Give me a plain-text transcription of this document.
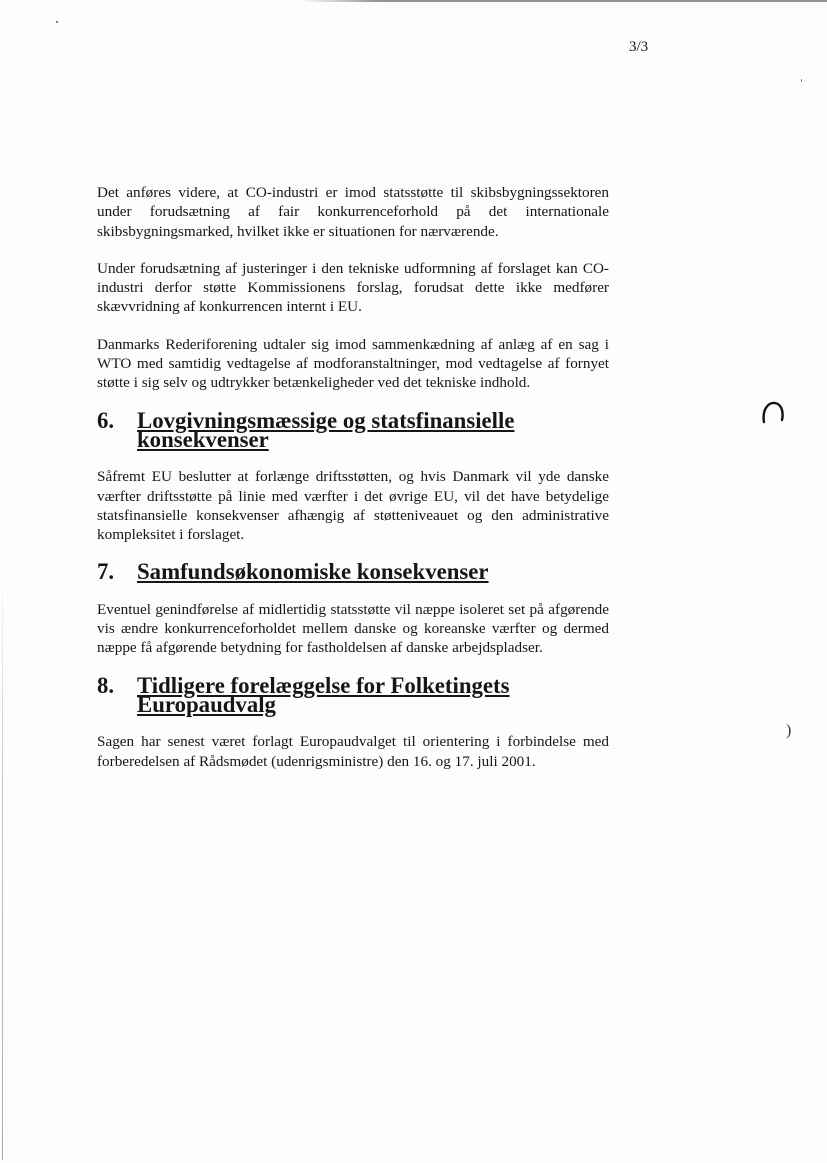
3/3

Det anføres videre, at CO-industri er imod statsstøtte til skibsbygningssektoren under forudsætning af fair konkurrenceforhold på det internationale skibsbygningsmarked, hvilket ikke er situationen for nærværende.

Under forudsætning af justeringer i den tekniske udformning af forslaget kan CO-industri derfor støtte Kommissionens forslag, forudsat dette ikke medfører skævvridning af konkurrencen internt i EU.

Danmarks Rederiforening udtaler sig imod sammenkædning af anlæg af en sag i WTO med samtidig vedtagelse af modforanstaltninger, mod vedtagelse af fornyet støtte i sig selv og udtrykker betænkeligheder ved det tekniske indhold.

6.	Lovgivningsmæssige og statsfinansielle konsekvenser

Såfremt EU beslutter at forlænge driftsstøtten, og hvis Danmark vil yde danske værfter driftsstøtte på linie med værfter i det øvrige EU, vil det have betydelige statsfinansielle konsekvenser afhængig af støtteniveauet og den administrative kompleksitet i forslaget.

7.	Samfundsøkonomiske konsekvenser

Eventuel genindførelse af midlertidig statsstøtte vil næppe isoleret set på afgørende vis ændre konkurrenceforholdet mellem danske og koreanske værfter og dermed næppe få afgørende betydning for fastholdelsen af danske arbejdspladser.

8.	Tidligere forelæggelse for Folketingets Europaudvalg

Sagen har senest været forlagt Europaudvalget til orientering i forbindelse med forberedelsen af Rådsmødet (udenrigsministre) den 16. og 17. juli 2001.

)
